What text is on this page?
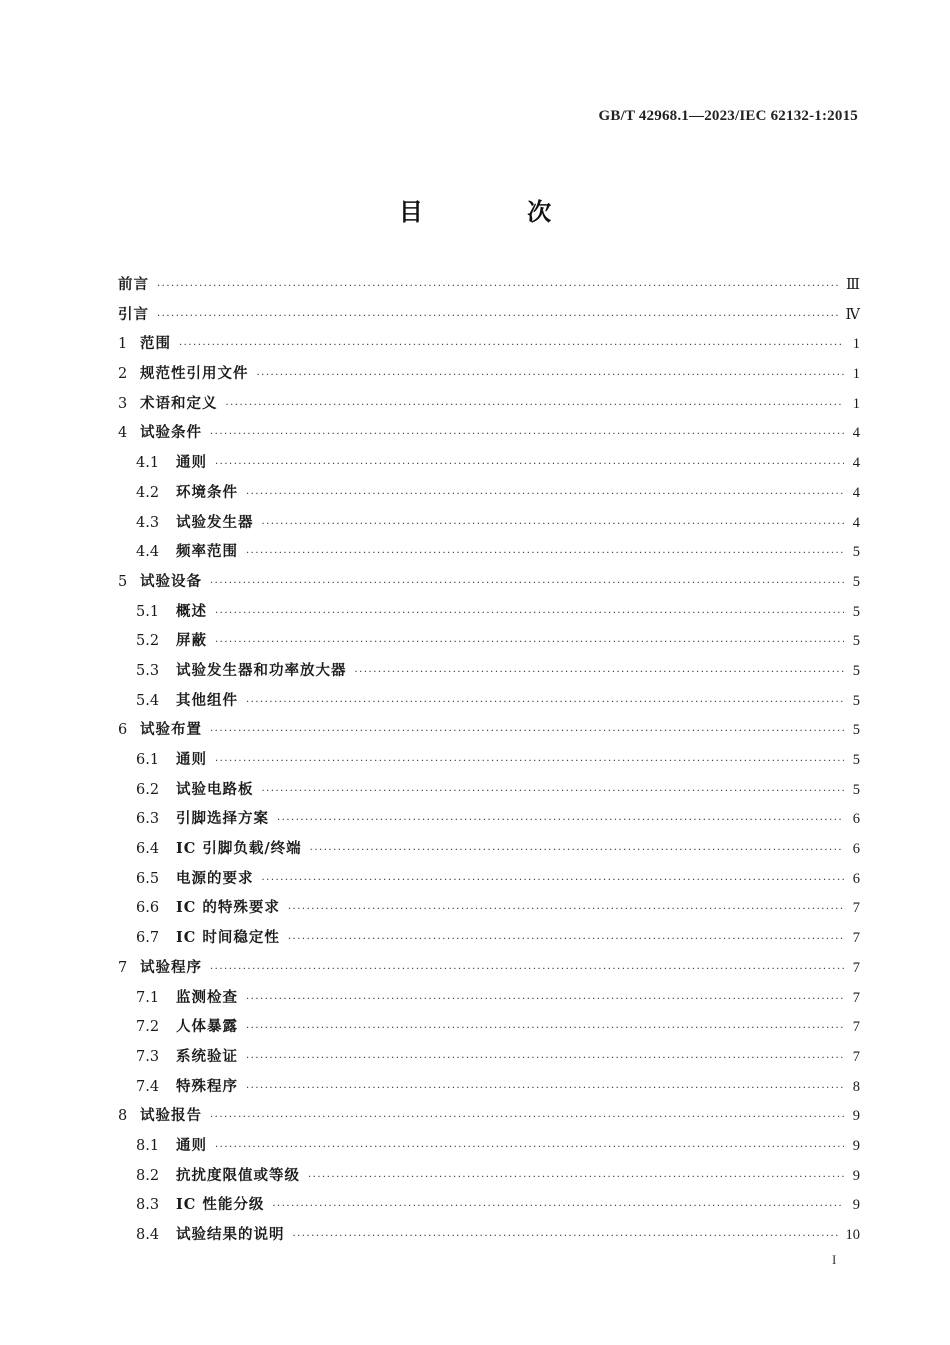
GB/T 42968.1—2023/IEC 62132-1:2015
目 次
前言 ·····	Ⅲ
引言 ·····	Ⅳ
1 范围 ·····	1
2 规范性引用文件 ·····	1
3 术语和定义 ·····	1
4 试验条件 ·····	4
4.1	通则 ·····	4
4.2	环境条件 ·····	4
4.3	试验发生器 ·····	4
4.4	频率范围 ·····	5
5 试验设备 ·····	5
5.1	概述 ·····	5
5.2	屏蔽 ·····	5
5.3	试验发生器和功率放大器 ·····	5
5.4	其他组件 ·····	5
6 试验布置 ·····	5
6.1	通则 ·····	5
6.2	试验电路板 ·····	5
6.3	引脚选择方案 ·····	6
6.4	IC 引脚负载/终端 ·····	6
6.5	电源的要求 ·····	6
6.6	IC 的特殊要求 ·····	7
6.7	IC 时间稳定性 ·····	7
7 试验程序 ·····	7
7.1	监测检查 ·····	7
7.2	人体暴露 ·····	7
7.3	系统验证 ·····	7
7.4	特殊程序 ·····	8
8 试验报告 ·····	9
8.1	通则 ·····	9
8.2	抗扰度限值或等级 ·····	9
8.3	IC 性能分级 ·····	9
8.4	试验结果的说明 ·····	10
I
